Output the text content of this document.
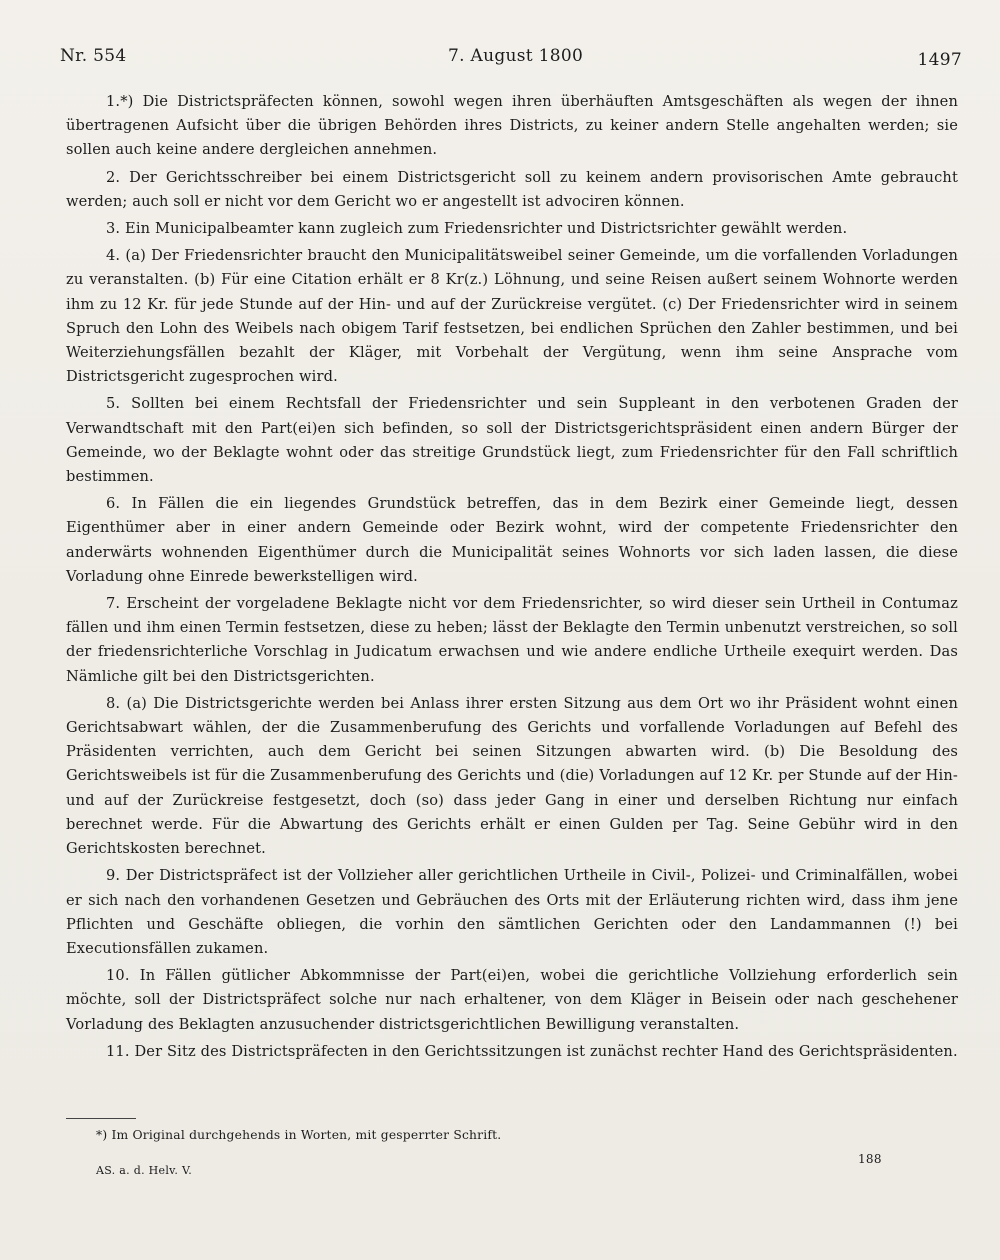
Nr. 554	7. August 1800	1497

1.*) Die Districtspräfecten können, sowohl wegen ihren überhäuften Amtsgeschäften als wegen der ihnen übertragenen Aufsicht über die übrigen Behörden ihres Districts, zu keiner andern Stelle angehalten werden; sie sollen auch keine andere dergleichen annehmen.

2. Der Gerichtsschreiber bei einem Districtsgericht soll zu keinem andern provisorischen Amte gebraucht werden; auch soll er nicht vor dem Gericht wo er angestellt ist advociren können.

3. Ein Municipalbeamter kann zugleich zum Friedensrichter und Districtsrichter gewählt werden.

4. (a) Der Friedensrichter braucht den Municipalitätsweibel seiner Gemeinde, um die vorfallenden Vorladungen zu veranstalten. (b) Für eine Citation erhält er 8 Kr(z.) Löhnung, und seine Reisen außert seinem Wohnorte werden ihm zu 12 Kr. für jede Stunde auf der Hin- und auf der Zurückreise vergütet. (c) Der Friedensrichter wird in seinem Spruch den Lohn des Weibels nach obigem Tarif festsetzen, bei endlichen Sprüchen den Zahler bestimmen, und bei Weiterziehungsfällen bezahlt der Kläger, mit Vorbehalt der Vergütung, wenn ihm seine Ansprache vom Districtsgericht zugesprochen wird.

5. Sollten bei einem Rechtsfall der Friedensrichter und sein Suppleant in den verbotenen Graden der Verwandtschaft mit den Part(ei)en sich befinden, so soll der Districtsgerichtspräsident einen andern Bürger der Gemeinde, wo der Beklagte wohnt oder das streitige Grundstück liegt, zum Friedensrichter für den Fall schriftlich bestimmen.

6. In Fällen die ein liegendes Grundstück betreffen, das in dem Bezirk einer Gemeinde liegt, dessen Eigenthümer aber in einer andern Gemeinde oder Bezirk wohnt, wird der competente Friedensrichter den anderwärts wohnenden Eigenthümer durch die Municipalität seines Wohnorts vor sich laden lassen, die diese Vorladung ohne Einrede bewerkstelligen wird.

7. Erscheint der vorgeladene Beklagte nicht vor dem Friedensrichter, so wird dieser sein Urtheil in Contumaz fällen und ihm einen Termin festsetzen, diese zu heben; lässt der Beklagte den Termin unbenutzt verstreichen, so soll der friedensrichterliche Vorschlag in Judicatum erwachsen und wie andere endliche Urtheile exequirt werden. Das Nämliche gilt bei den Districtsgerichten.

8. (a) Die Districtsgerichte werden bei Anlass ihrer ersten Sitzung aus dem Ort wo ihr Präsident wohnt einen Gerichtsabwart wählen, der die Zusammenberufung des Gerichts und vorfallende Vorladungen auf Befehl des Präsidenten verrichten, auch dem Gericht bei seinen Sitzungen abwarten wird. (b) Die Besoldung des Gerichtsweibels ist für die Zusammenberufung des Gerichts und (die) Vorladungen auf 12 Kr. per Stunde auf der Hin- und auf der Zurückreise festgesetzt, doch (so) dass jeder Gang in einer und derselben Richtung nur einfach berechnet werde. Für die Abwartung des Gerichts erhält er einen Gulden per Tag. Seine Gebühr wird in den Gerichtskosten berechnet.

9. Der Districtspräfect ist der Vollzieher aller gerichtlichen Urtheile in Civil-, Polizei- und Criminalfällen, wobei er sich nach den vorhandenen Gesetzen und Gebräuchen des Orts mit der Erläuterung richten wird, dass ihm jene Pflichten und Geschäfte obliegen, die vorhin den sämtlichen Gerichten oder den Landammannen (!) bei Executionsfällen zukamen.

10. In Fällen gütlicher Abkommnisse der Part(ei)en, wobei die gerichtliche Vollziehung erforderlich sein möchte, soll der Districtspräfect solche nur nach erhaltener, von dem Kläger in Beisein oder nach geschehener Vorladung des Beklagten anzusuchender districtsgerichtlichen Bewilligung veranstalten.

11. Der Sitz des Districtspräfecten in den Gerichtssitzungen ist zunächst rechter Hand des Gerichtspräsidenten.

*) Im Original durchgehends in Worten, mit gesperrter Schrift.
AS. a. d. Helv. V.
188
